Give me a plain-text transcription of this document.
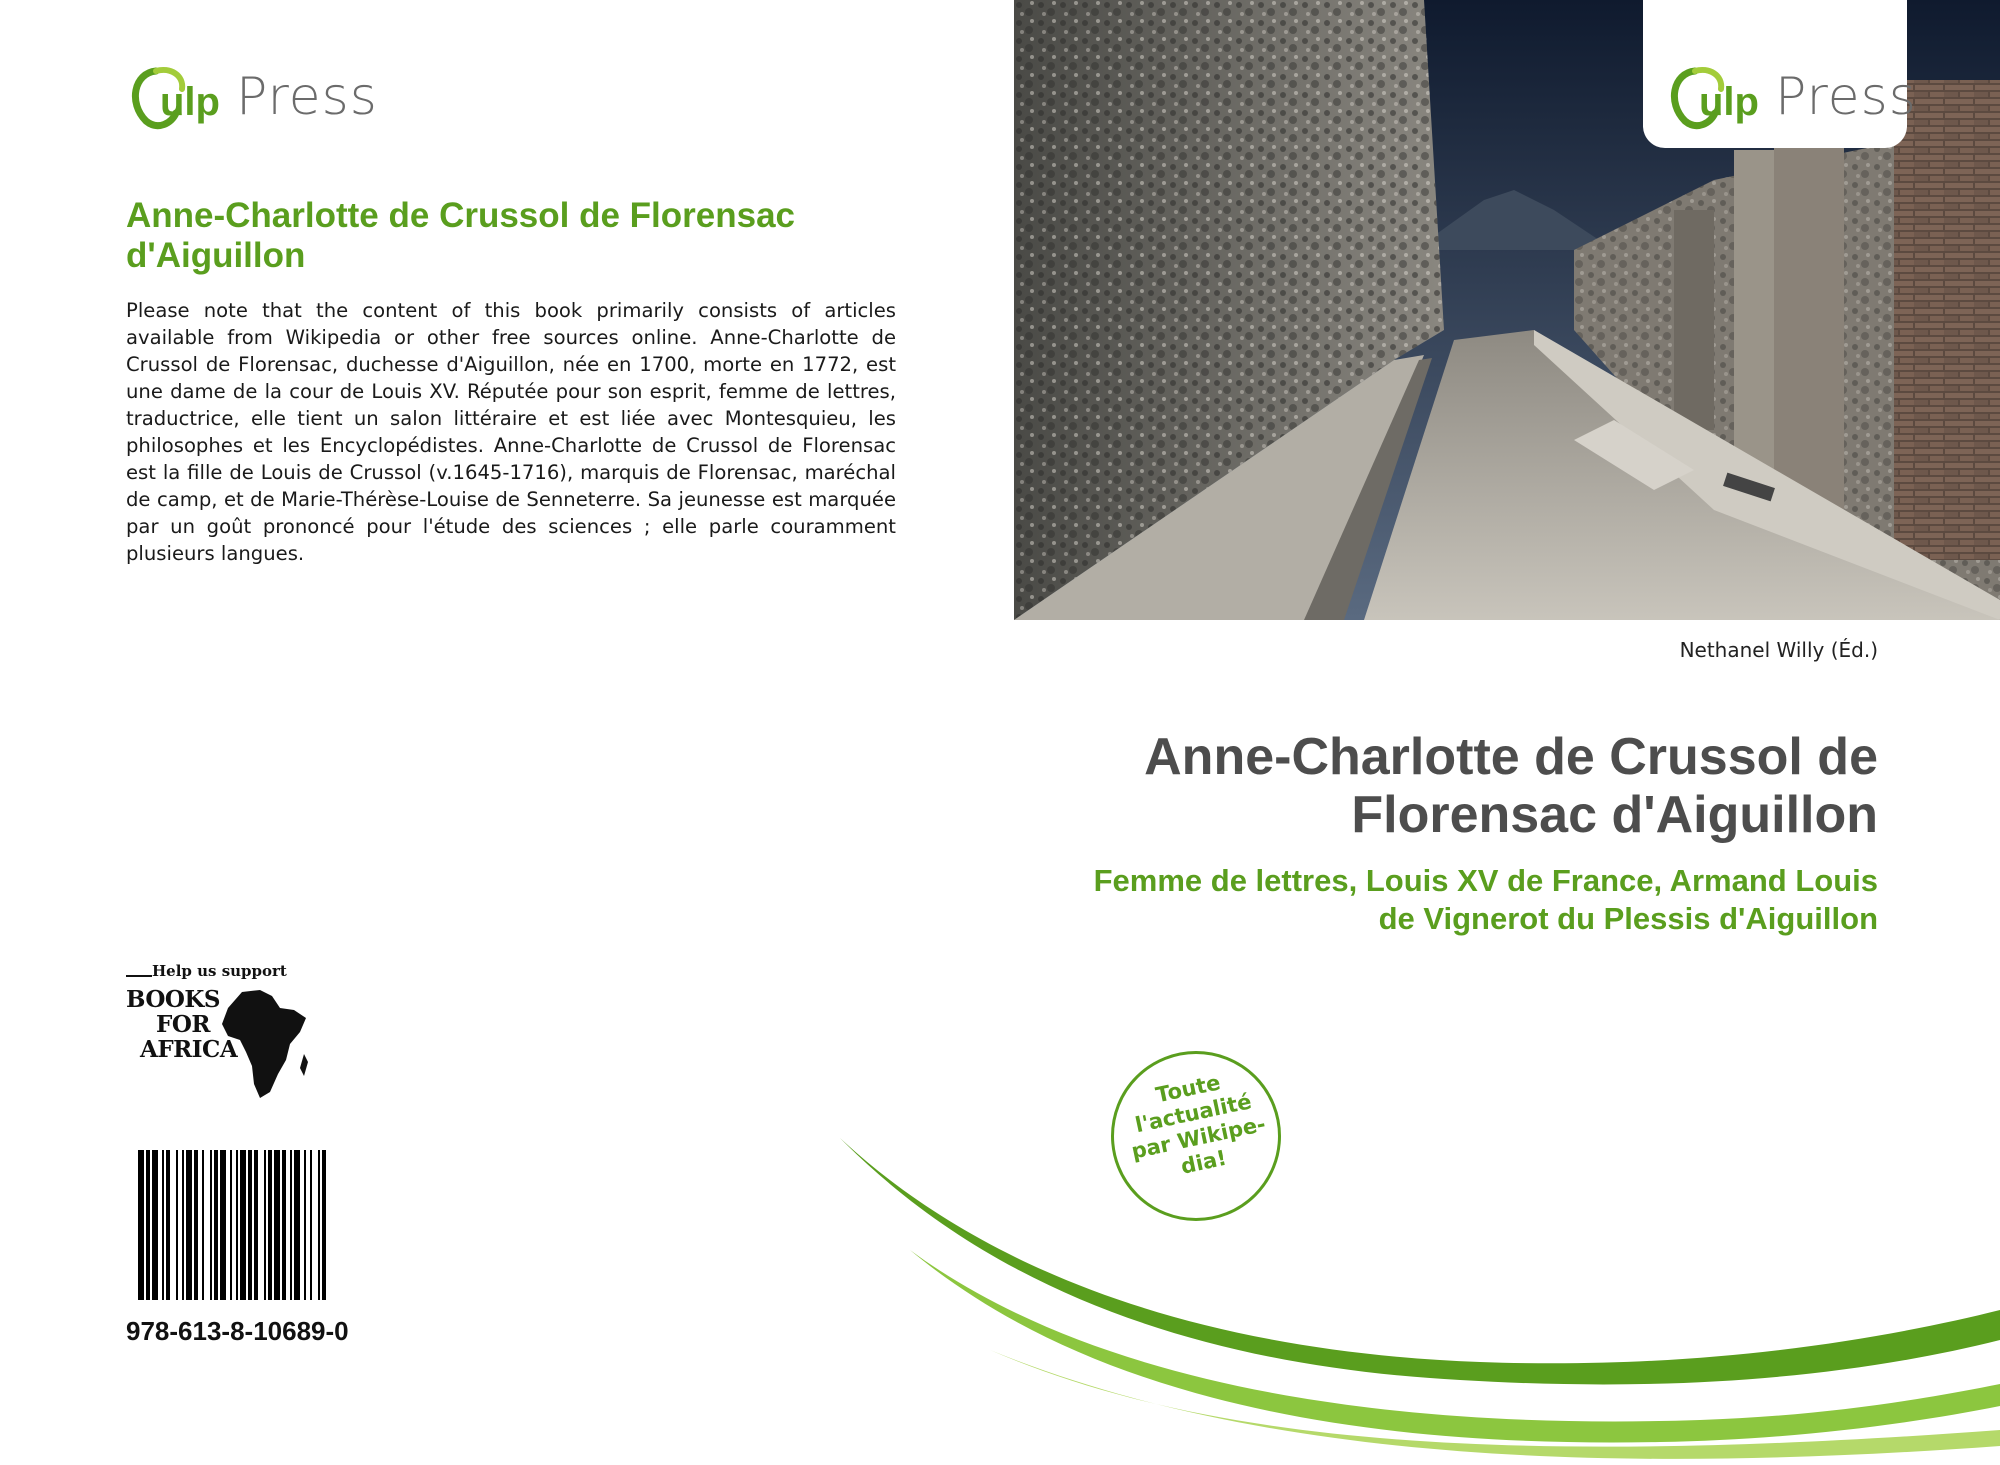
ulp Press
Anne-Charlotte de Crussol de Florensac d'Aiguillon
Please note that the content of this book primarily consists of articles available from Wikipedia or other free sources online. Anne-Charlotte de Crussol de Florensac, duchesse d'Aiguillon, née en 1700, morte en 1772, est une dame de la cour de Louis XV. Réputée pour son esprit, femme de lettres, traductrice, elle tient un salon littéraire et est liée avec Montesquieu, les philosophes et les Encyclopédistes. Anne-Charlotte de Crussol de Florensac est la fille de Louis de Crussol (v.1645-1716), marquis de Florensac, maréchal de camp, et de Marie-Thérèse-Louise de Senneterre. Sa jeunesse est marquée par un goût prononcé pour l'étude des sciences ; elle parle couramment plusieurs langues.
Help us support
BOOKS
FOR
AFRICA
978-613-8-10689-0
ulp Press
Nethanel Willy (Éd.)
Anne-Charlotte de Crussol de Florensac d'Aiguillon
Femme de lettres, Louis XV de France, Armand Louis de Vignerot du Plessis d'Aiguillon
Toute l'actualité par Wikipe- dia!
